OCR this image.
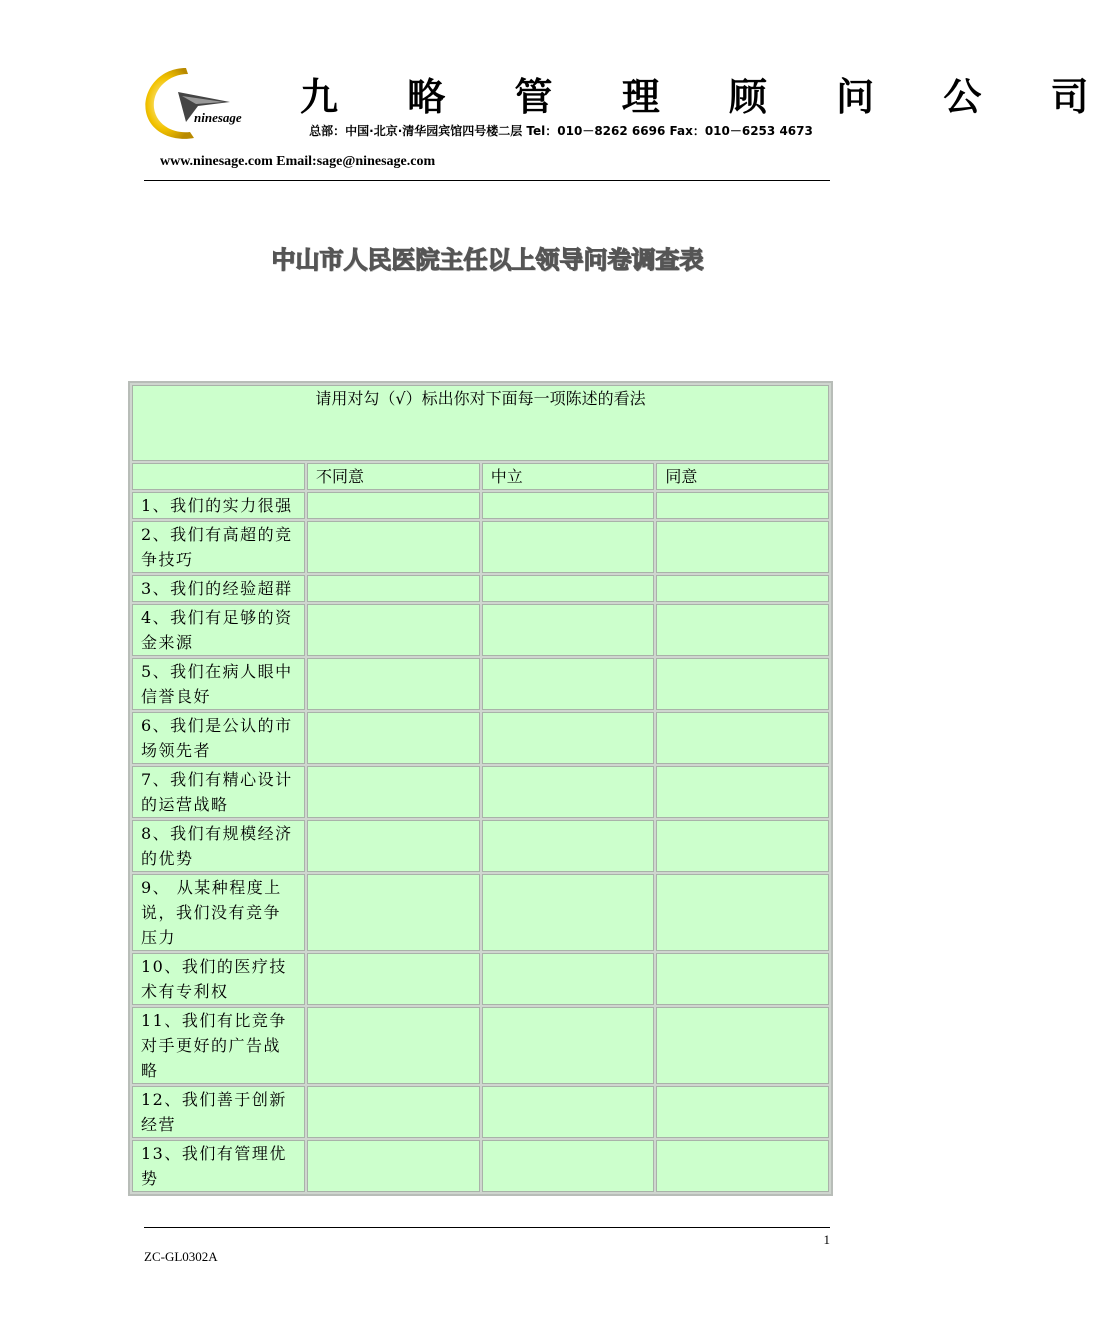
ninesage 九 略 管 理 顾 问 公 司
总部：中国·北京·清华园宾馆四号楼二层 Tel：010－8262 6696 Fax：010－6253 4673
www.ninesage.com Email:sage@ninesage.com
中山市人民医院主任以上领导问卷调查表
请用对勾（√）标出你对下面每一项陈述的看法			
	不同意	中立	同意
1、我们的实力很强			
2、我们有高超的竞争技巧			
3、我们的经验超群			
4、我们有足够的资金来源			
5、我们在病人眼中信誉良好			
6、我们是公认的市场领先者			
7、我们有精心设计的运营战略			
8、我们有规模经济的优势			
9、 从某种程度上说，我们没有竞争压力			
10、我们的医疗技术有专利权			
11、我们有比竞争对手更好的广告战略			
12、我们善于创新经营			
13、我们有管理优势			
1
ZC-GL0302A
